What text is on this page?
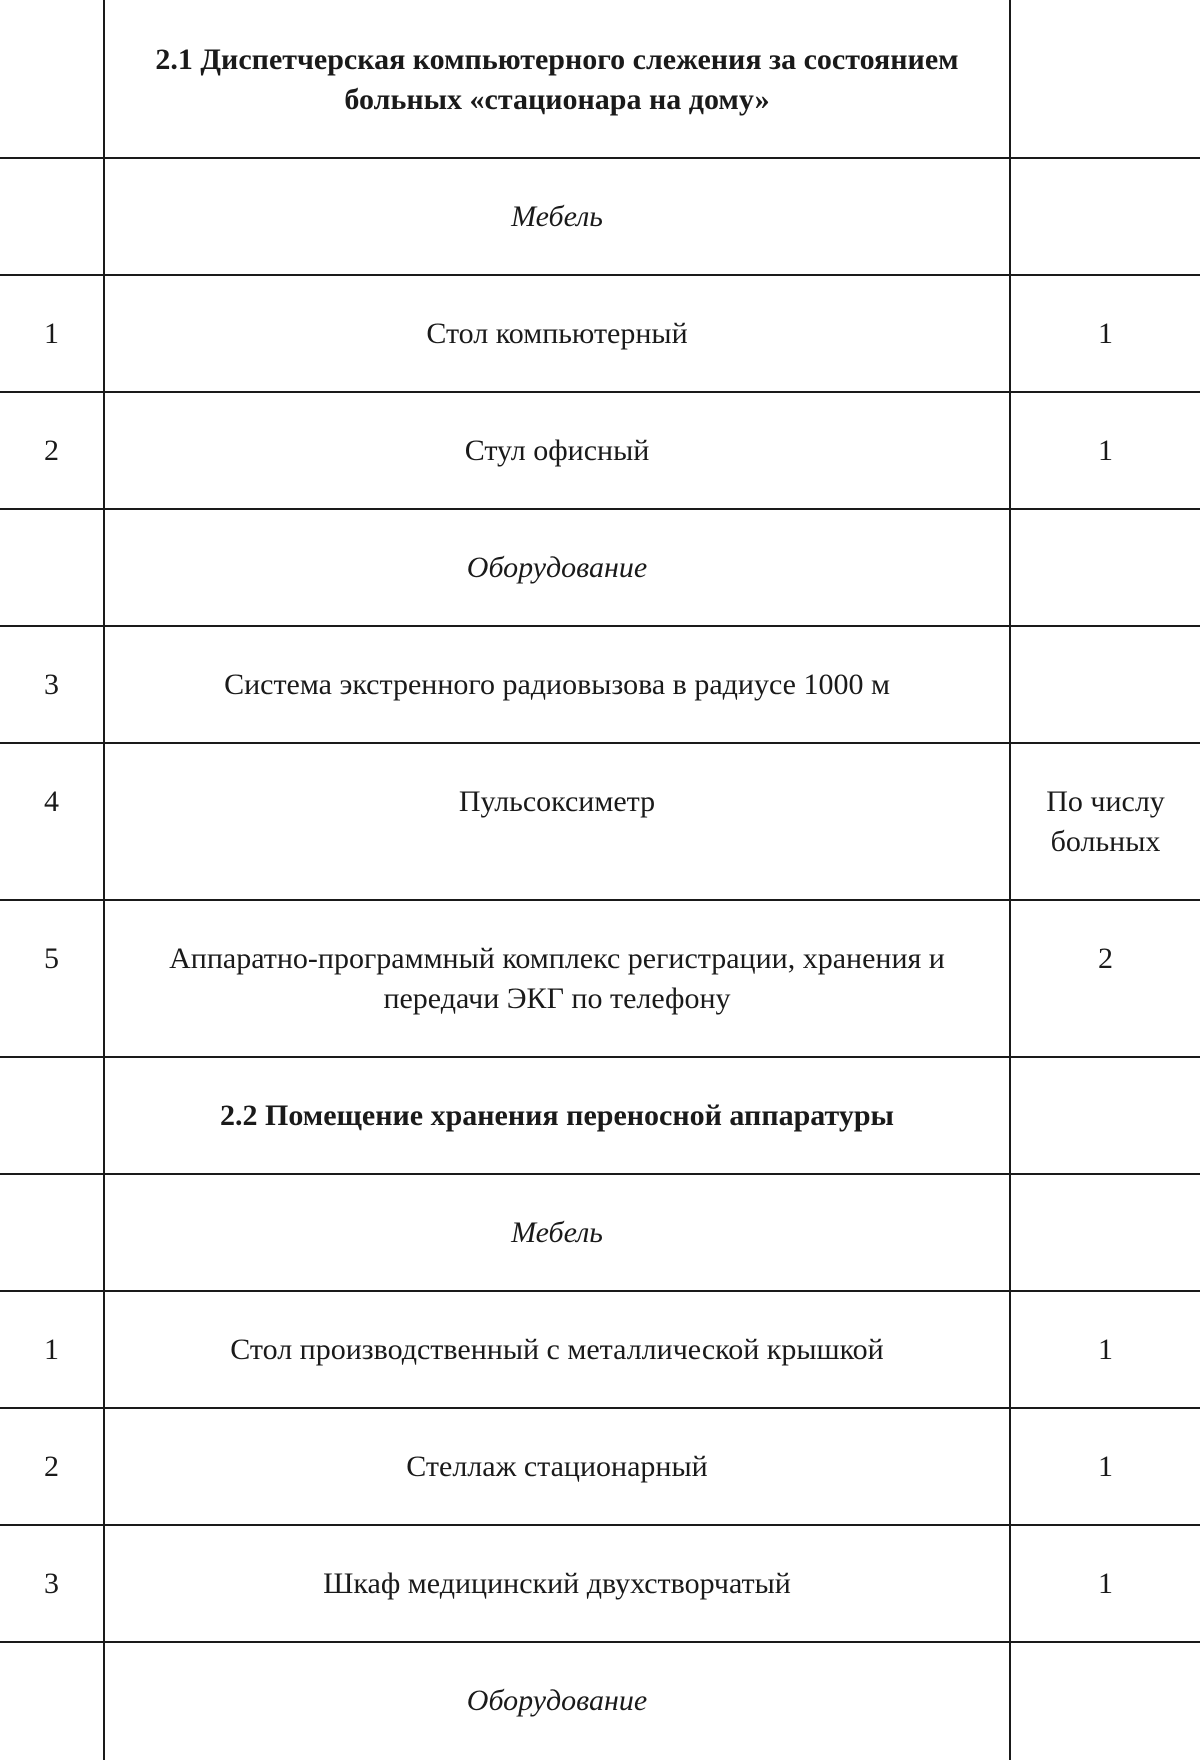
	2.1 Диспетчерская компьютерного слежения за состоянием больных «стационара на дому»	
	Мебель	
1	Стол компьютерный	1
2	Стул офисный	1
	Оборудование	
3	Система экстренного радиовызова в радиусе 1000 м	
4	Пульсоксиметр	По числу больных
5	Аппаратно-программный комплекс регистрации, хранения и передачи ЭКГ по телефону	2
	2.2 Помещение хранения переносной аппаратуры	
	Мебель	
1	Стол производственный с металлической крышкой	1
2	Стеллаж стационарный	1
3	Шкаф медицинский двухстворчатый	1
	Оборудование	
